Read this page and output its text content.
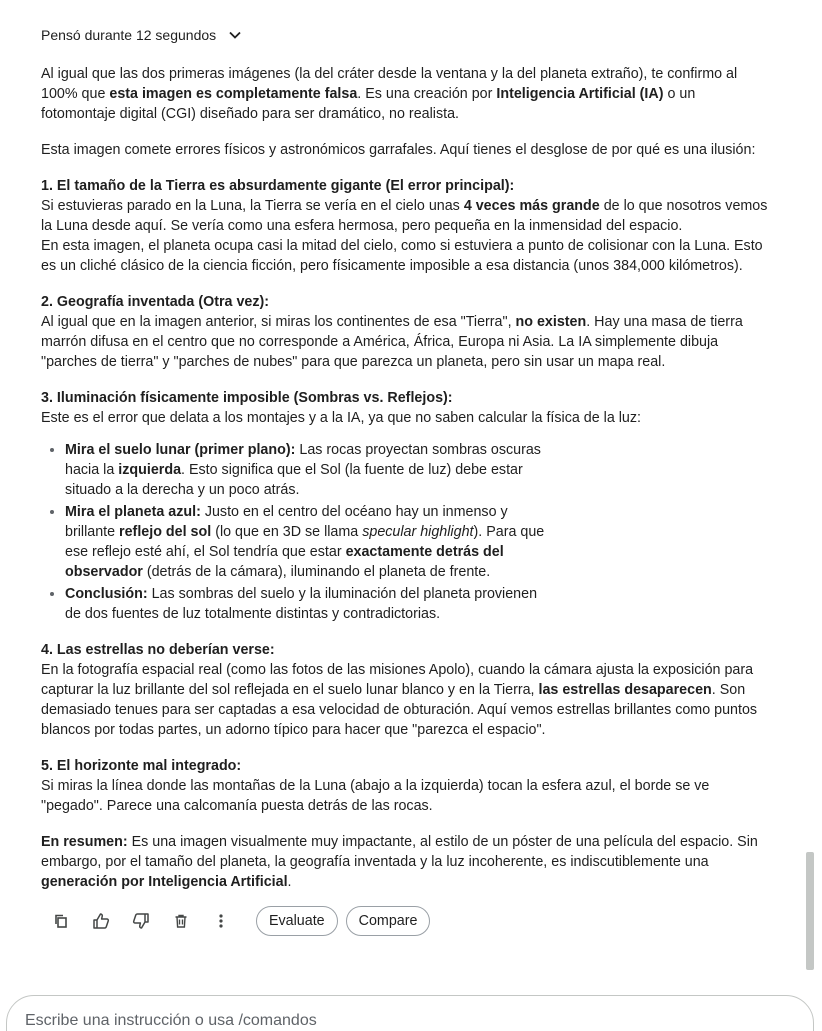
Pensó durante 12 segundos

Al igual que las dos primeras imágenes (la del cráter desde la ventana y la del planeta extraño), te confirmo al 100% que esta imagen es completamente falsa. Es una creación por Inteligencia Artificial (IA) o un fotomontaje digital (CGI) diseñado para ser dramático, no realista.

Esta imagen comete errores físicos y astronómicos garrafales. Aquí tienes el desglose de por qué es una ilusión:

1. El tamaño de la Tierra es absurdamente gigante (El error principal):
Si estuvieras parado en la Luna, la Tierra se vería en el cielo unas 4 veces más grande de lo que nosotros vemos la Luna desde aquí. Se vería como una esfera hermosa, pero pequeña en la inmensidad del espacio.
En esta imagen, el planeta ocupa casi la mitad del cielo, como si estuviera a punto de colisionar con la Luna. Esto es un cliché clásico de la ciencia ficción, pero físicamente imposible a esa distancia (unos 384,000 kilómetros).

2. Geografía inventada (Otra vez):
Al igual que en la imagen anterior, si miras los continentes de esa "Tierra", no existen. Hay una masa de tierra marrón difusa en el centro que no corresponde a América, África, Europa ni Asia. La IA simplemente dibuja "parches de tierra" y "parches de nubes" para que parezca un planeta, pero sin usar un mapa real.

3. Iluminación físicamente imposible (Sombras vs. Reflejos):
Este es el error que delata a los montajes y a la IA, ya que no saben calcular la física de la luz:

• Mira el suelo lunar (primer plano): Las rocas proyectan sombras oscuras hacia la izquierda. Esto significa que el Sol (la fuente de luz) debe estar situado a la derecha y un poco atrás.
• Mira el planeta azul: Justo en el centro del océano hay un inmenso y brillante reflejo del sol (lo que en 3D se llama specular highlight). Para que ese reflejo esté ahí, el Sol tendría que estar exactamente detrás del observador (detrás de la cámara), iluminando el planeta de frente.
• Conclusión: Las sombras del suelo y la iluminación del planeta provienen de dos fuentes de luz totalmente distintas y contradictorias.

4. Las estrellas no deberían verse:
En la fotografía espacial real (como las fotos de las misiones Apolo), cuando la cámara ajusta la exposición para capturar la luz brillante del sol reflejada en el suelo lunar blanco y en la Tierra, las estrellas desaparecen. Son demasiado tenues para ser captadas a esa velocidad de obturación. Aquí vemos estrellas brillantes como puntos blancos por todas partes, un adorno típico para hacer que "parezca el espacio".

5. El horizonte mal integrado:
Si miras la línea donde las montañas de la Luna (abajo a la izquierda) tocan la esfera azul, el borde se ve "pegado". Parece una calcomanía puesta detrás de las rocas.

En resumen: Es una imagen visualmente muy impactante, al estilo de un póster de una película del espacio. Sin embargo, por el tamaño del planeta, la geografía inventada y la luz incoherente, es indiscutiblemente una generación por Inteligencia Artificial.

Evaluate	Compare
Escribe una instrucción o usa /comandos
